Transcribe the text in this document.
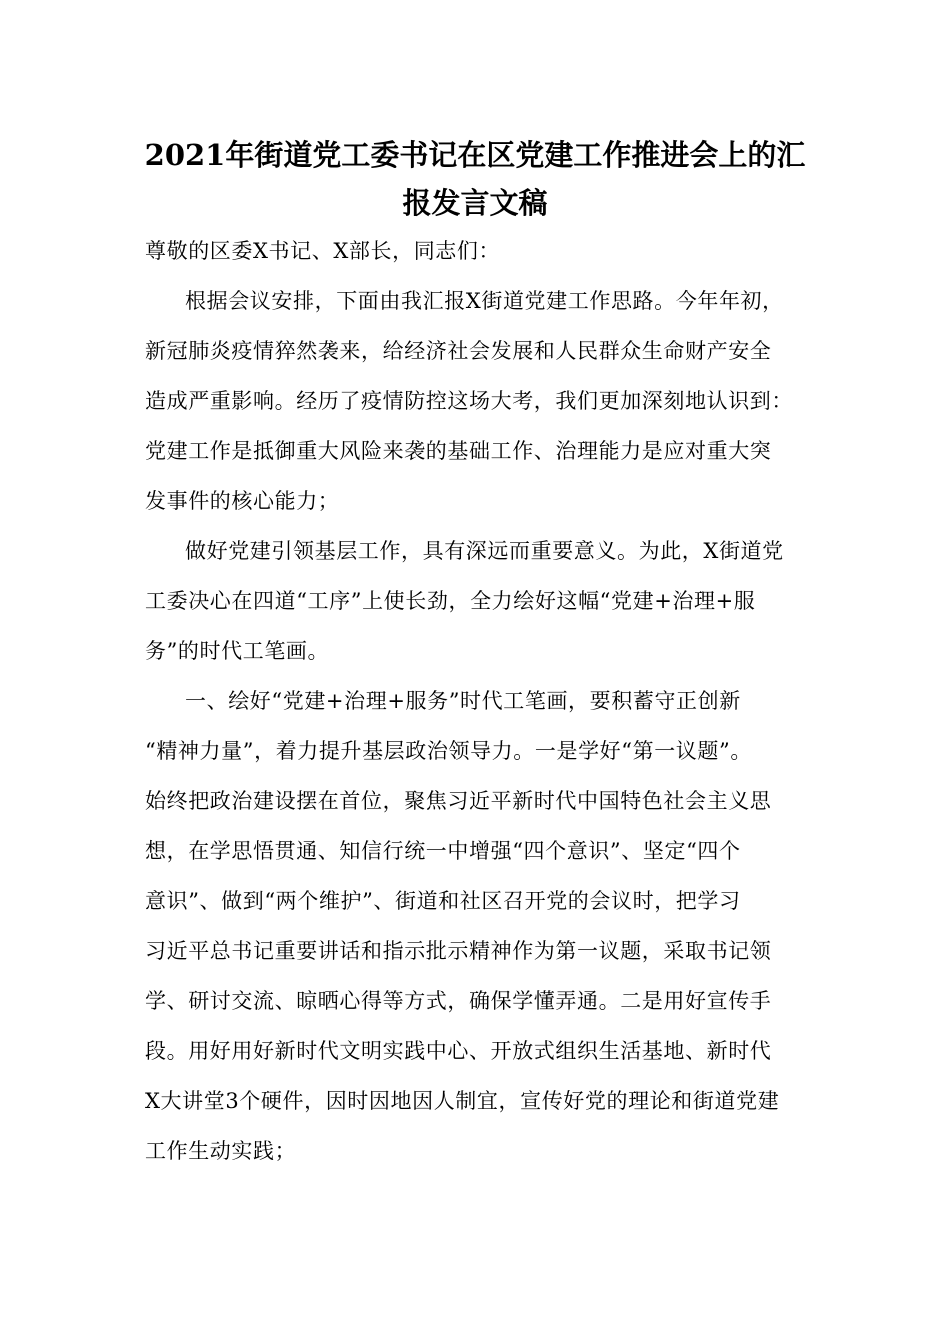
2021年街道党工委书记在区党建工作推进会上的汇
报发言文稿
尊敬的区委X书记、X部长，同志们：
根据会议安排，下面由我汇报X街道党建工作思路。今年年初，
新冠肺炎疫情猝然袭来，给经济社会发展和人民群众生命财产安全
造成严重影响。经历了疫情防控这场大考，我们更加深刻地认识到：
党建工作是抵御重大风险来袭的基础工作、治理能力是应对重大突
发事件的核心能力；
做好党建引领基层工作，具有深远而重要意义。为此，X街道党
工委决心在四道“工序”上使长劲，全力绘好这幅“党建+治理+服
务”的时代工笔画。
一、绘好“党建+治理+服务”时代工笔画，要积蓄守正创新
“精神力量”，着力提升基层政治领导力。一是学好“第一议题”。
始终把政治建设摆在首位，聚焦习近平新时代中国特色社会主义思
想，在学思悟贯通、知信行统一中增强“四个意识”、坚定“四个
意识”、做到“两个维护”、街道和社区召开党的会议时，把学习
习近平总书记重要讲话和指示批示精神作为第一议题，采取书记领
学、研讨交流、晾晒心得等方式，确保学懂弄通。二是用好宣传手
段。用好用好新时代文明实践中心、开放式组织生活基地、新时代
X大讲堂3个硬件，因时因地因人制宜，宣传好党的理论和街道党建
工作生动实践；
